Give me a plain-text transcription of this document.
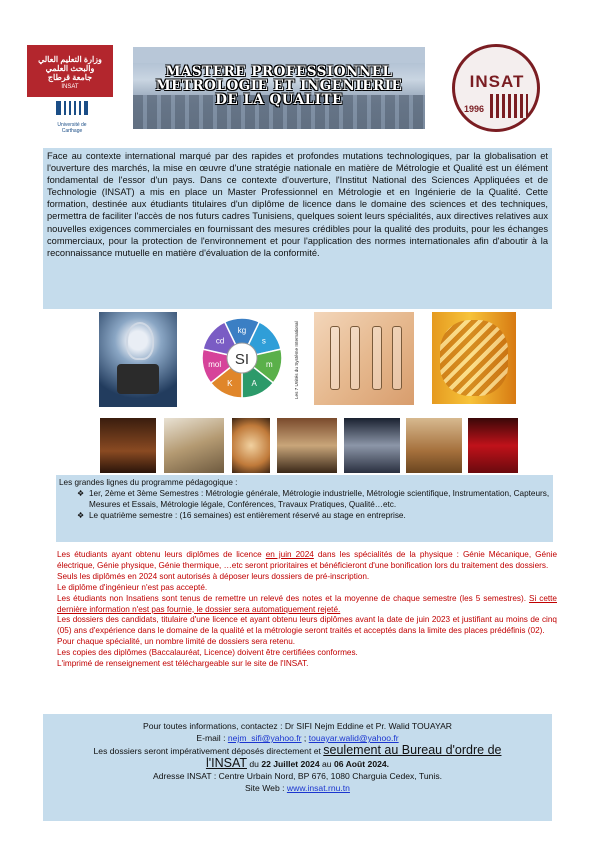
وزارة التعليم العالي والبحث العلمي
جامعة قرطاج
INSAT
Université de Carthage
MASTERE PROFESSIONNEL
METROLOGIE ET INGENIERIE
DE LA QUALITE
INSAT
1996
Face au contexte international marqué par des rapides et profondes mutations technologiques, par la globalisation et l'ouverture des marchés, la mise en œuvre d'une stratégie nationale en matière de Métrologie et Qualité est un élément fondamental de l'essor d'un pays. Dans ce contexte d'ouverture, l'Institut National des Sciences Appliquées et de Technologie (INSAT) a mis en place un Master Professionnel en Métrologie et en Ingénierie de la Qualité. Cette formation, destinée aux étudiants titulaires d'un diplôme de licence dans le domaine des sciences et des techniques, permettra de faciliter l'accès de nos futurs cadres Tunisiens, quelques soient leurs spécialités, aux directives relatives aux nouvelles exigences commerciales en fournissant des mesures crédibles pour la qualité des produits, pour les échanges commerciaux, pour la protection de l'environnement et pour l'application des normes internationales afin d'aboutir à la reconnaissance mutuelle en matière d'évaluation de la conformité.
SI
kg
s
m
A
K
mol
cd	Les 7 Unités du Système International
Les grandes lignes du programme pédagogique :
❖ 1er, 2ème et 3ème Semestres : Métrologie générale, Métrologie industrielle, Métrologie scientifique, Instrumentation, Capteurs, Mesures et Essais, Métrologie légale, Conférences, Travaux Pratiques, Qualité…etc.
❖ Le quatrième semestre : (16 semaines) est entièrement réservé au stage en entreprise.

Les étudiants ayant obtenu leurs diplômes de licence en juin 2024 dans les spécialités de la physique : Génie Mécanique, Génie électrique, Génie physique, Génie thermique, …etc seront prioritaires et bénéficieront d'une bonification lors du traitement des dossiers.

Seuls les diplômés en 2024 sont autorisés à déposer leurs dossiers de pré-inscription.

Le diplôme d'ingénieur n'est pas accepté.

Les étudiants non Insatiens sont tenus de remettre un relevé des notes et la moyenne de chaque semestre (les 5 semestres). Si cette dernière information n'est pas fournie, le dossier sera automatiquement rejeté.

Les dossiers des candidats, titulaire d'une licence et ayant obtenu leurs diplômes avant la date de juin 2023 et justifiant au moins de cinq (05) ans d'expérience dans le domaine de la qualité et la métrologie seront traités et acceptés dans la limite des places prédéfinis (02).

Pour chaque spécialité, un nombre limité de dossiers sera retenu.

Les copies des diplômes (Baccalauréat, Licence) doivent être certifiées conformes.

L'imprimé de renseignement est téléchargeable sur le site de l'INSAT.

Pour toutes informations, contactez : Dr SIFI Nejm Eddine et Pr. Walid TOUAYAR
E-mail : nejm_sifi@yahoo.fr ; touayar.walid@yahoo.fr
Les dossiers seront impérativement déposés directement et seulement au Bureau d'ordre de
l'INSAT du 22 Juillet 2024 au 06 Août 2024.
Adresse INSAT : Centre Urbain Nord, BP 676, 1080 Charguia Cedex, Tunis.
Site Web : www.insat.rnu.tn
